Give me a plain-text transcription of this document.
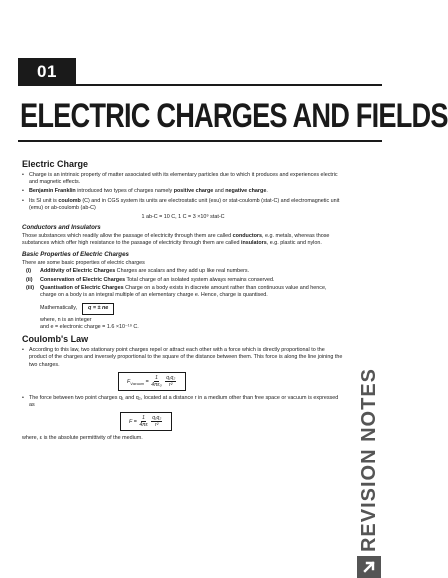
01
ELECTRIC CHARGES AND FIELDS
Electric Charge
• Charge is an intrinsic property of matter associated with its elementary particles due to which it produces and experiences electric and magnetic effects.
• Benjamin Franklin introduced two types of charges namely positive charge and negative charge.
• Its SI unit is coulomb (C) and in CGS system its units are electrostatic unit (esu) or stat-coulomb (stat-C) and electromagnetic unit (emu) or ab-coulomb (ab-C)
1 ab-C = 10 C, 1 C = 3 ×10⁹ stat-C
Conductors and Insulators

Those substances which readily allow the passage of electricity through them are called conductors, e.g. metals, whereas those substances which offer high resistance to the passage of electricity through them are called insulators, e.g. plastic and nylon.

Basic Properties of Electric Charges

There are some basic properties of electric charges

(i) Additivity of Electric Charges Charges are scalars and they add up like real numbers.
(ii) Conservation of Electric Charges Total charge of an isolated system always remains conserved.
(iii) Quantisation of Electric Charges Charge on a body exists in discrete amount rather than continuous value and hence, charge on a body is an integral multiple of an elementary charge e. Hence, charge is quantised.
Mathematically,	q = ± ne
where, n is an integer
and e = electronic charge = 1.6 ×10⁻¹⁹ C.
Coulomb's Law
• According to this law, two stationary point charges repel or attract each other with a force which is directly proportional to the product of the charges and inversely proportional to the square of the distance between them. This force is along the line joining the two charges.
$F_{Vacuum} = \frac{1}{\text{4πε₀}}$
$\frac{\text{q₁q₂}}{\text{r²}}$
• The force between two point charges q₁ and q₂, located at a distance r in a medium other than free space or vacuum is expressed as
$F = \frac{1}{4\pi\varepsilon}$
$\frac{\text{q₁q₂}}{\text{r²}}$

where, ε is the absolute permittivity of the medium.	REVISION NOTES
